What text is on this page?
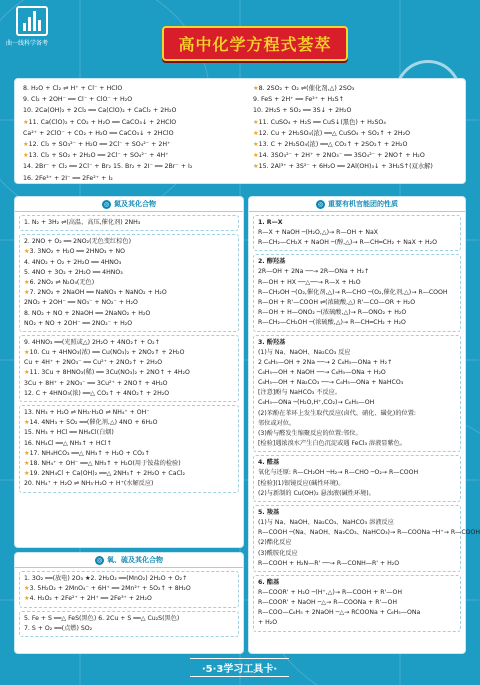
曲一线科学备考	高中化学方程式荟萃
8. H₂O + Cl₂ ⇌ H⁺ + Cl⁻ + HClO
9. Cl₂ + 2OH⁻ ══ Cl⁻ + ClO⁻ + H₂O
10. 2Ca(OH)₂ + 2Cl₂ ══ Ca(ClO)₂ + CaCl₂ + 2H₂O
★11. Ca(ClO)₂ + CO₂ + H₂O ══ CaCO₃↓ + 2HClO
Ca²⁺ + 2ClO⁻ + CO₂ + H₂O ══ CaCO₃↓ + 2HClO
★12. Cl₂ + SO₃²⁻ + H₂O ══ 2Cl⁻ + SO₄²⁻ + 2H⁺
★13. Cl₂ + SO₂ + 2H₂O ══ 2Cl⁻ + SO₄²⁻ + 4H⁺
14. 2Br⁻ + Cl₂ ══ 2Cl⁻ + Br₂ 15. Br₂ + 2I⁻ ══ 2Br⁻ + I₂
16. 2Fe³⁺ + 2I⁻ ══ 2Fe²⁺ + I₂
★8. 2SO₂ + O₂ ⇌(催化剂,△) 2SO₃
9. FeS + 2H⁺ ══ Fe²⁺ + H₂S↑
10. 2H₂S + SO₂ ══ 3S↓ + 2H₂O
★11. CuSO₄ + H₂S ══ CuS↓(黑色) + H₂SO₄
★12. Cu + 2H₂SO₄(浓) ══△ CuSO₄ + SO₂↑ + 2H₂O
★13. C + 2H₂SO₄(浓) ══△ CO₂↑ + 2SO₂↑ + 2H₂O
★14. 3SO₃²⁻ + 2H⁺ + 2NO₃⁻ ══ 3SO₄²⁻ + 2NO↑ + H₂O
★15. 2Al³⁺ + 3S²⁻ + 6H₂O ══ 2Al(OH)₃↓ + 3H₂S↑(双水解)
◎ 氮及其化合物
1. N₂ + 3H₂ ⇌(高温、高压,催化剂) 2NH₃
2. 2NO + O₂ ══ 2NO₂(无色变红棕色)
★3. 3NO₂ + H₂O ══ 2HNO₃ + NO
4. 4NO₂ + O₂ + 2H₂O ══ 4HNO₃
5. 4NO + 3O₂ + 2H₂O ══ 4HNO₃
★6. 2NO₂ ⇌ N₂O₄(无色)
★7. 2NO₂ + 2NaOH ══ NaNO₃ + NaNO₂ + H₂O
2NO₂ + 2OH⁻ ══ NO₃⁻ + NO₂⁻ + H₂O
8. NO₂ + NO + 2NaOH ══ 2NaNO₂ + H₂O
NO₂ + NO + 2OH⁻ ══ 2NO₂⁻ + H₂O
9. 4HNO₃ ══(光照或△) 2H₂O + 4NO₂↑ + O₂↑
★10. Cu + 4HNO₃(浓) ══ Cu(NO₃)₂ + 2NO₂↑ + 2H₂O
Cu + 4H⁺ + 2NO₃⁻ ══ Cu²⁺ + 2NO₂↑ + 2H₂O
★11. 3Cu + 8HNO₃(稀) ══ 3Cu(NO₃)₂ + 2NO↑ + 4H₂O
3Cu + 8H⁺ + 2NO₃⁻ ══ 3Cu²⁺ + 2NO↑ + 4H₂O
12. C + 4HNO₃(浓) ══△ CO₂↑ + 4NO₂↑ + 2H₂O
13. NH₃ + H₂O ⇌ NH₃·H₂O ⇌ NH₄⁺ + OH⁻
★14. 4NH₃ + 5O₂ ══(催化剂,△) 4NO + 6H₂O
15. NH₃ + HCl ══ NH₄Cl(白烟)
16. NH₄Cl ══△ NH₃↑ + HCl↑
★17. NH₄HCO₃ ══△ NH₃↑ + H₂O + CO₂↑
★18. NH₄⁺ + OH⁻ ══△ NH₃↑ + H₂O(用于铵盐的检验)
★19. 2NH₄Cl + Ca(OH)₂ ══△ 2NH₃↑ + 2H₂O + CaCl₂
20. NH₄⁺ + H₂O ⇌ NH₃·H₂O + H⁺(水解反应)
◎ 氧、硫及其化合物
1. 3O₂ ══(放电) 2O₃ ★2. 2H₂O₂ ══(MnO₂) 2H₂O + O₂↑
★3. 5H₂O₂ + 2MnO₄⁻ + 6H⁺ ══ 2Mn²⁺ + 5O₂↑ + 8H₂O
★4. H₂O₂ + 2Fe²⁺ + 2H⁺ ══ 2Fe³⁺ + 2H₂O
5. Fe + S ══△ FeS(黑色) 6. 2Cu + S ══△ Cu₂S(黑色)
7. S + O₂ ══(点燃) SO₂
◎ 重要有机官能团的性质
1. R—X
R—X + NaOH ─(H₂O,△)→ R—OH + NaX
R—CH₂—CH₂X + NaOH ─(醇,△)→ R—CH═CH₂ + NaX + H₂O
2. 醇羟基
2R—OH + 2Na ──→ 2R—ONa + H₂↑
R—OH + HX ──△──→ R—X + H₂O
R—CH₂OH ─(O₂,催化剂,△)→ R—CHO ─(O₂,催化剂,△)→ R—COOH
R—OH + R'—COOH ⇌(浓硫酸,△) R'—CO—OR + H₂O
R—OH + H—ONO₂ ─(浓硫酸,△)→ R—ONO₂ + H₂O
R—CH₂—CH₂OH ─(浓硫酸,△)→ R—CH═CH₂ + H₂O
3. 酚羟基
(1)与 Na、NaOH、Na₂CO₃ 反应
2 C₆H₅—OH + 2Na ──→ 2 C₆H₅—ONa + H₂↑
C₆H₅—OH + NaOH ──→ C₆H₅—ONa + H₂O
C₆H₅—OH + Na₂CO₃ ──→ C₆H₅—ONa + NaHCO₃
[注意]酚与 NaHCO₃ 不反应。
C₆H₅—ONa ─(H₂O,H⁺,CO₂)→ C₆H₅—OH
(2)苯酚在苯环上发生取代反应(卤代、硝化、磺化)的位置:
邻位或对位。
(3)酚与醛发生缩聚反应的位置:邻位。
[检验]遇浓溴水产生白色沉淀或遇 FeCl₃ 溶液显紫色。
4. 醛基
氧化与还原: R—CH₂OH ─H₂→ R—CHO ─O₂→ R—COOH
[检验](1)银镜反应(碱性环境)。
(2)与新制的 Cu(OH)₂ 悬浊液(碱性环境)。
5. 羧基
(1)与 Na、NaOH、Na₂CO₃、NaHCO₃ 溶液反应
R—COOH ─(Na、NaOH、Na₂CO₃、NaHCO₃)→ R—COONa ─H⁺→ R—COOH
(2)酯化反应
(3)酰胺化反应
R—COOH + H₂N—R' ──→ R—CONH—R' + H₂O
6. 酯基
R—COOR' + H₂O ─(H⁺,△)→ R—COOH + R'—OH
R—COOR' + NaOH ─△→ R—COONa + R'—OH
R—COO—C₆H₅ + 2NaOH ─△→ RCOONa + C₆H₅—ONa
+ H₂O
·5·3学习工具卡·
